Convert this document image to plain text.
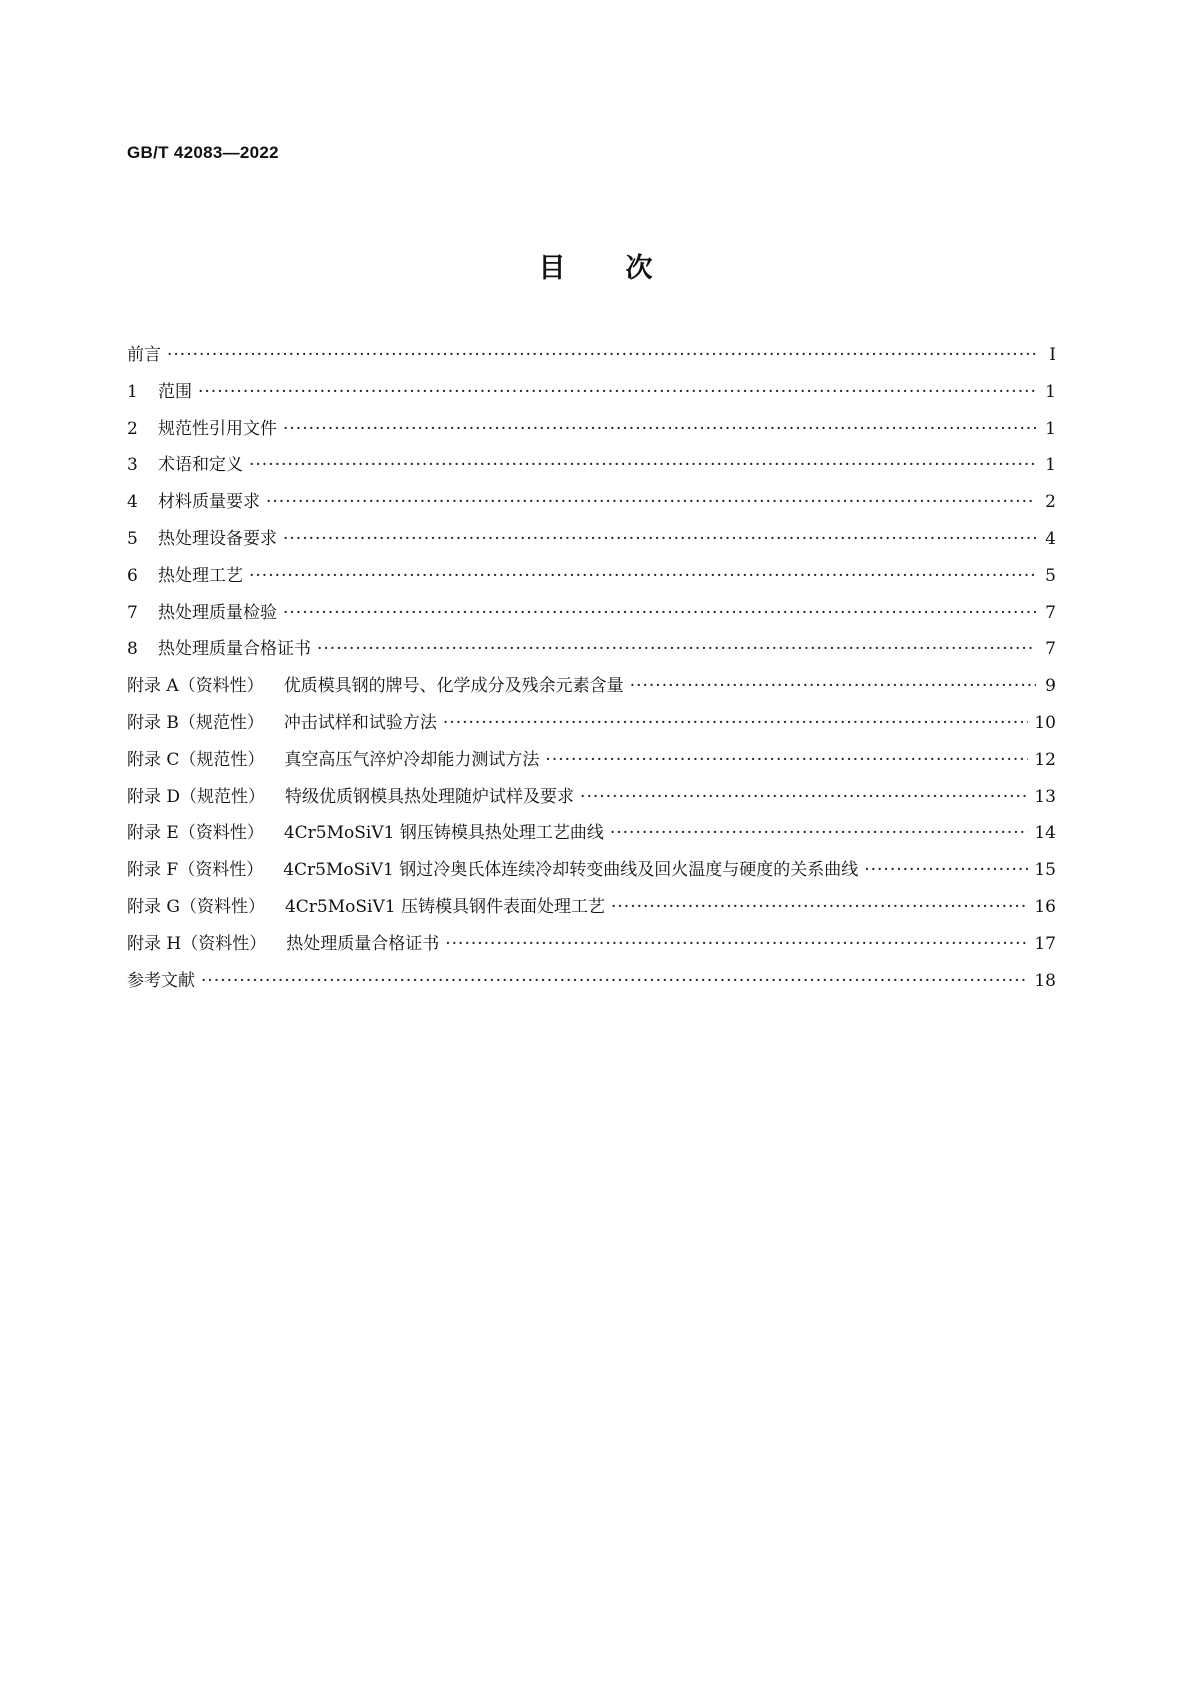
GB/T 42083—2022
目次
前言 ·····	Ⅰ
1	范围 ·····	1
2	规范性引用文件 ·····	1
3	术语和定义 ·····	1
4	材料质量要求 ·····	2
5	热处理设备要求 ·····	4
6	热处理工艺 ·····	5
7	热处理质量检验 ·····	7
8	热处理质量合格证书 ·····	7
附录 A（资料性） 优质模具钢的牌号、化学成分及残余元素含量 ·····	9
附录 B（规范性） 冲击试样和试验方法 ·····	10
附录 C（规范性） 真空高压气淬炉冷却能力测试方法 ·····	12
附录 D（规范性） 特级优质钢模具热处理随炉试样及要求 ·····	13
附录 E（资料性） 4Cr5MoSiV1 钢压铸模具热处理工艺曲线 ·····	14
附录 F（资料性） 4Cr5MoSiV1 钢过冷奥氏体连续冷却转变曲线及回火温度与硬度的关系曲线 ·····	15
附录 G（资料性） 4Cr5MoSiV1 压铸模具钢件表面处理工艺 ·····	16
附录 H（资料性） 热处理质量合格证书 ·····	17
参考文献 ·····	18
